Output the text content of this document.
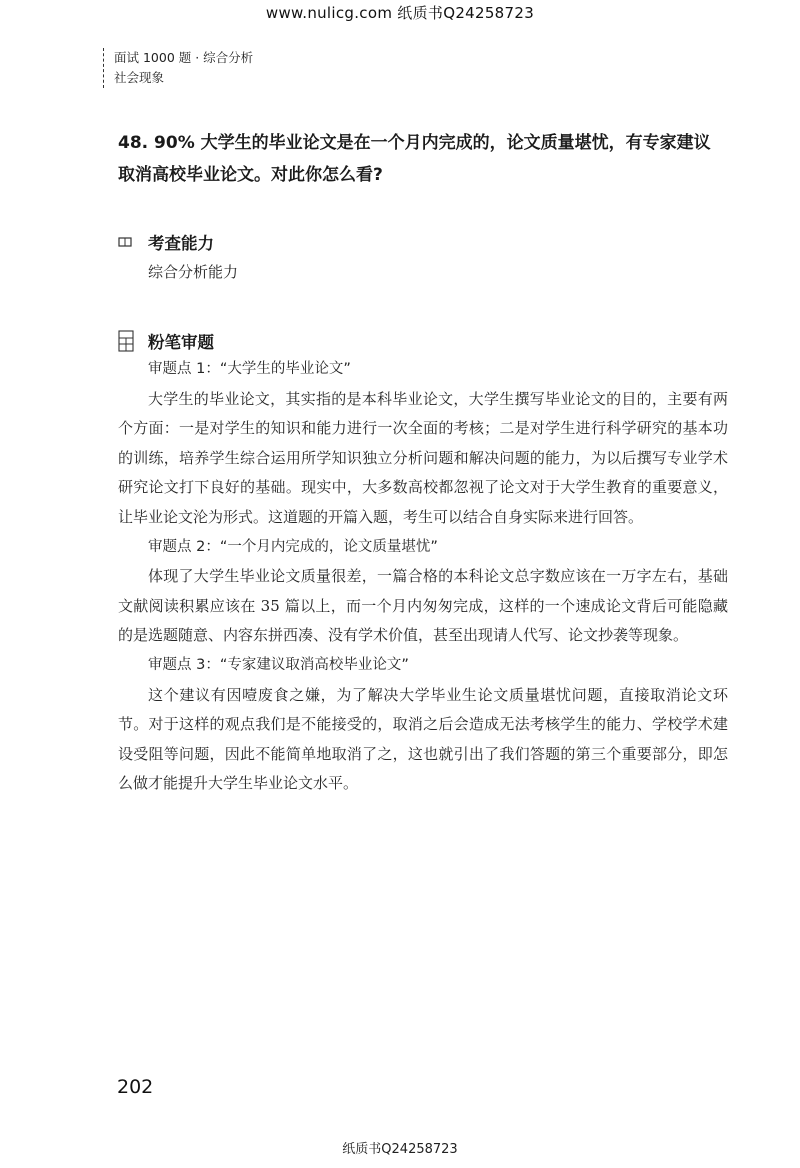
www.nulicg.com 纸质书Q24258723
面试 1000 题 · 综合分析
社会现象
48. 90% 大学生的毕业论文是在一个月内完成的，论文质量堪忧，有专家建议取消高校毕业论文。对此你怎么看?
考查能力
综合分析能力
粉笔审题

审题点 1：“大学生的毕业论文”

大学生的毕业论文，其实指的是本科毕业论文，大学生撰写毕业论文的目的，主要有两个方面：一是对学生的知识和能力进行一次全面的考核；二是对学生进行科学研究的基本功的训练，培养学生综合运用所学知识独立分析问题和解决问题的能力，为以后撰写专业学术研究论文打下良好的基础。现实中，大多数高校都忽视了论文对于大学生教育的重要意义，让毕业论文沦为形式。这道题的开篇入题，考生可以结合自身实际来进行回答。

审题点 2：“一个月内完成的，论文质量堪忧”

体现了大学生毕业论文质量很差，一篇合格的本科论文总字数应该在一万字左右，基础文献阅读积累应该在 35 篇以上，而一个月内匆匆完成，这样的一个速成论文背后可能隐藏的是选题随意、内容东拼西凑、没有学术价值，甚至出现请人代写、论文抄袭等现象。

审题点 3：“专家建议取消高校毕业论文”

这个建议有因噎废食之嫌，为了解决大学毕业生论文质量堪忧问题，直接取消论文环节。对于这样的观点我们是不能接受的，取消之后会造成无法考核学生的能力、学校学术建设受阻等问题，因此不能简单地取消了之，这也就引出了我们答题的第三个重要部分，即怎么做才能提升大学生毕业论文水平。

202
纸质书Q24258723
